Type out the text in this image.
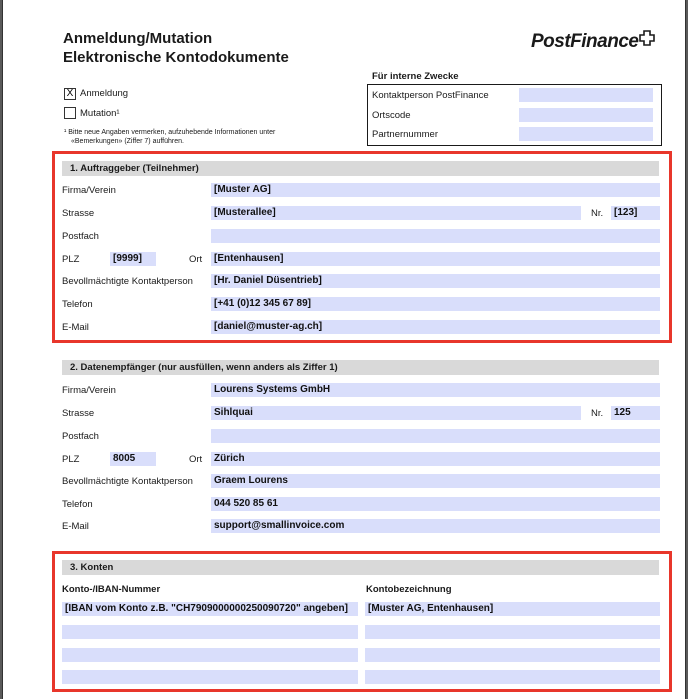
Anmeldung/Mutation
Elektronische Kontodokumente
PostFinance
X Anmeldung
Mutation¹
¹ Bitte neue Angaben vermerken, aufzuhebende Informationen unter
«Bemerkungen» (Ziffer 7) aufführen.
Für interne Zwecke
Kontaktperson PostFinance
Ortscode
Partnernummer
1. Auftraggeber (Teilnehmer)
Firma/Verein	[Muster AG]
Strasse	[Musterallee]	Nr.	[123]
Postfach
PLZ	[9999]	Ort	[Entenhausen]
Bevollmächtigte Kontaktperson	[Hr. Daniel Düsentrieb]
Telefon	[+41 (0)12 345 67 89]
E-Mail	[daniel@muster-ag.ch]
2. Datenempfänger (nur ausfüllen, wenn anders als Ziffer 1)
Firma/Verein	Lourens Systems GmbH
Strasse	Sihlquai	Nr.	125
Postfach
PLZ	8005	Ort	Zürich
Bevollmächtigte Kontaktperson	Graem Lourens
Telefon	044 520 85 61
E-Mail	support@smallinvoice.com
3. Konten
Konto-/IBAN-Nummer	Kontobezeichnung
[IBAN vom Konto z.B. "CH7909000000250090720" angeben]	[Muster AG, Entenhausen]
